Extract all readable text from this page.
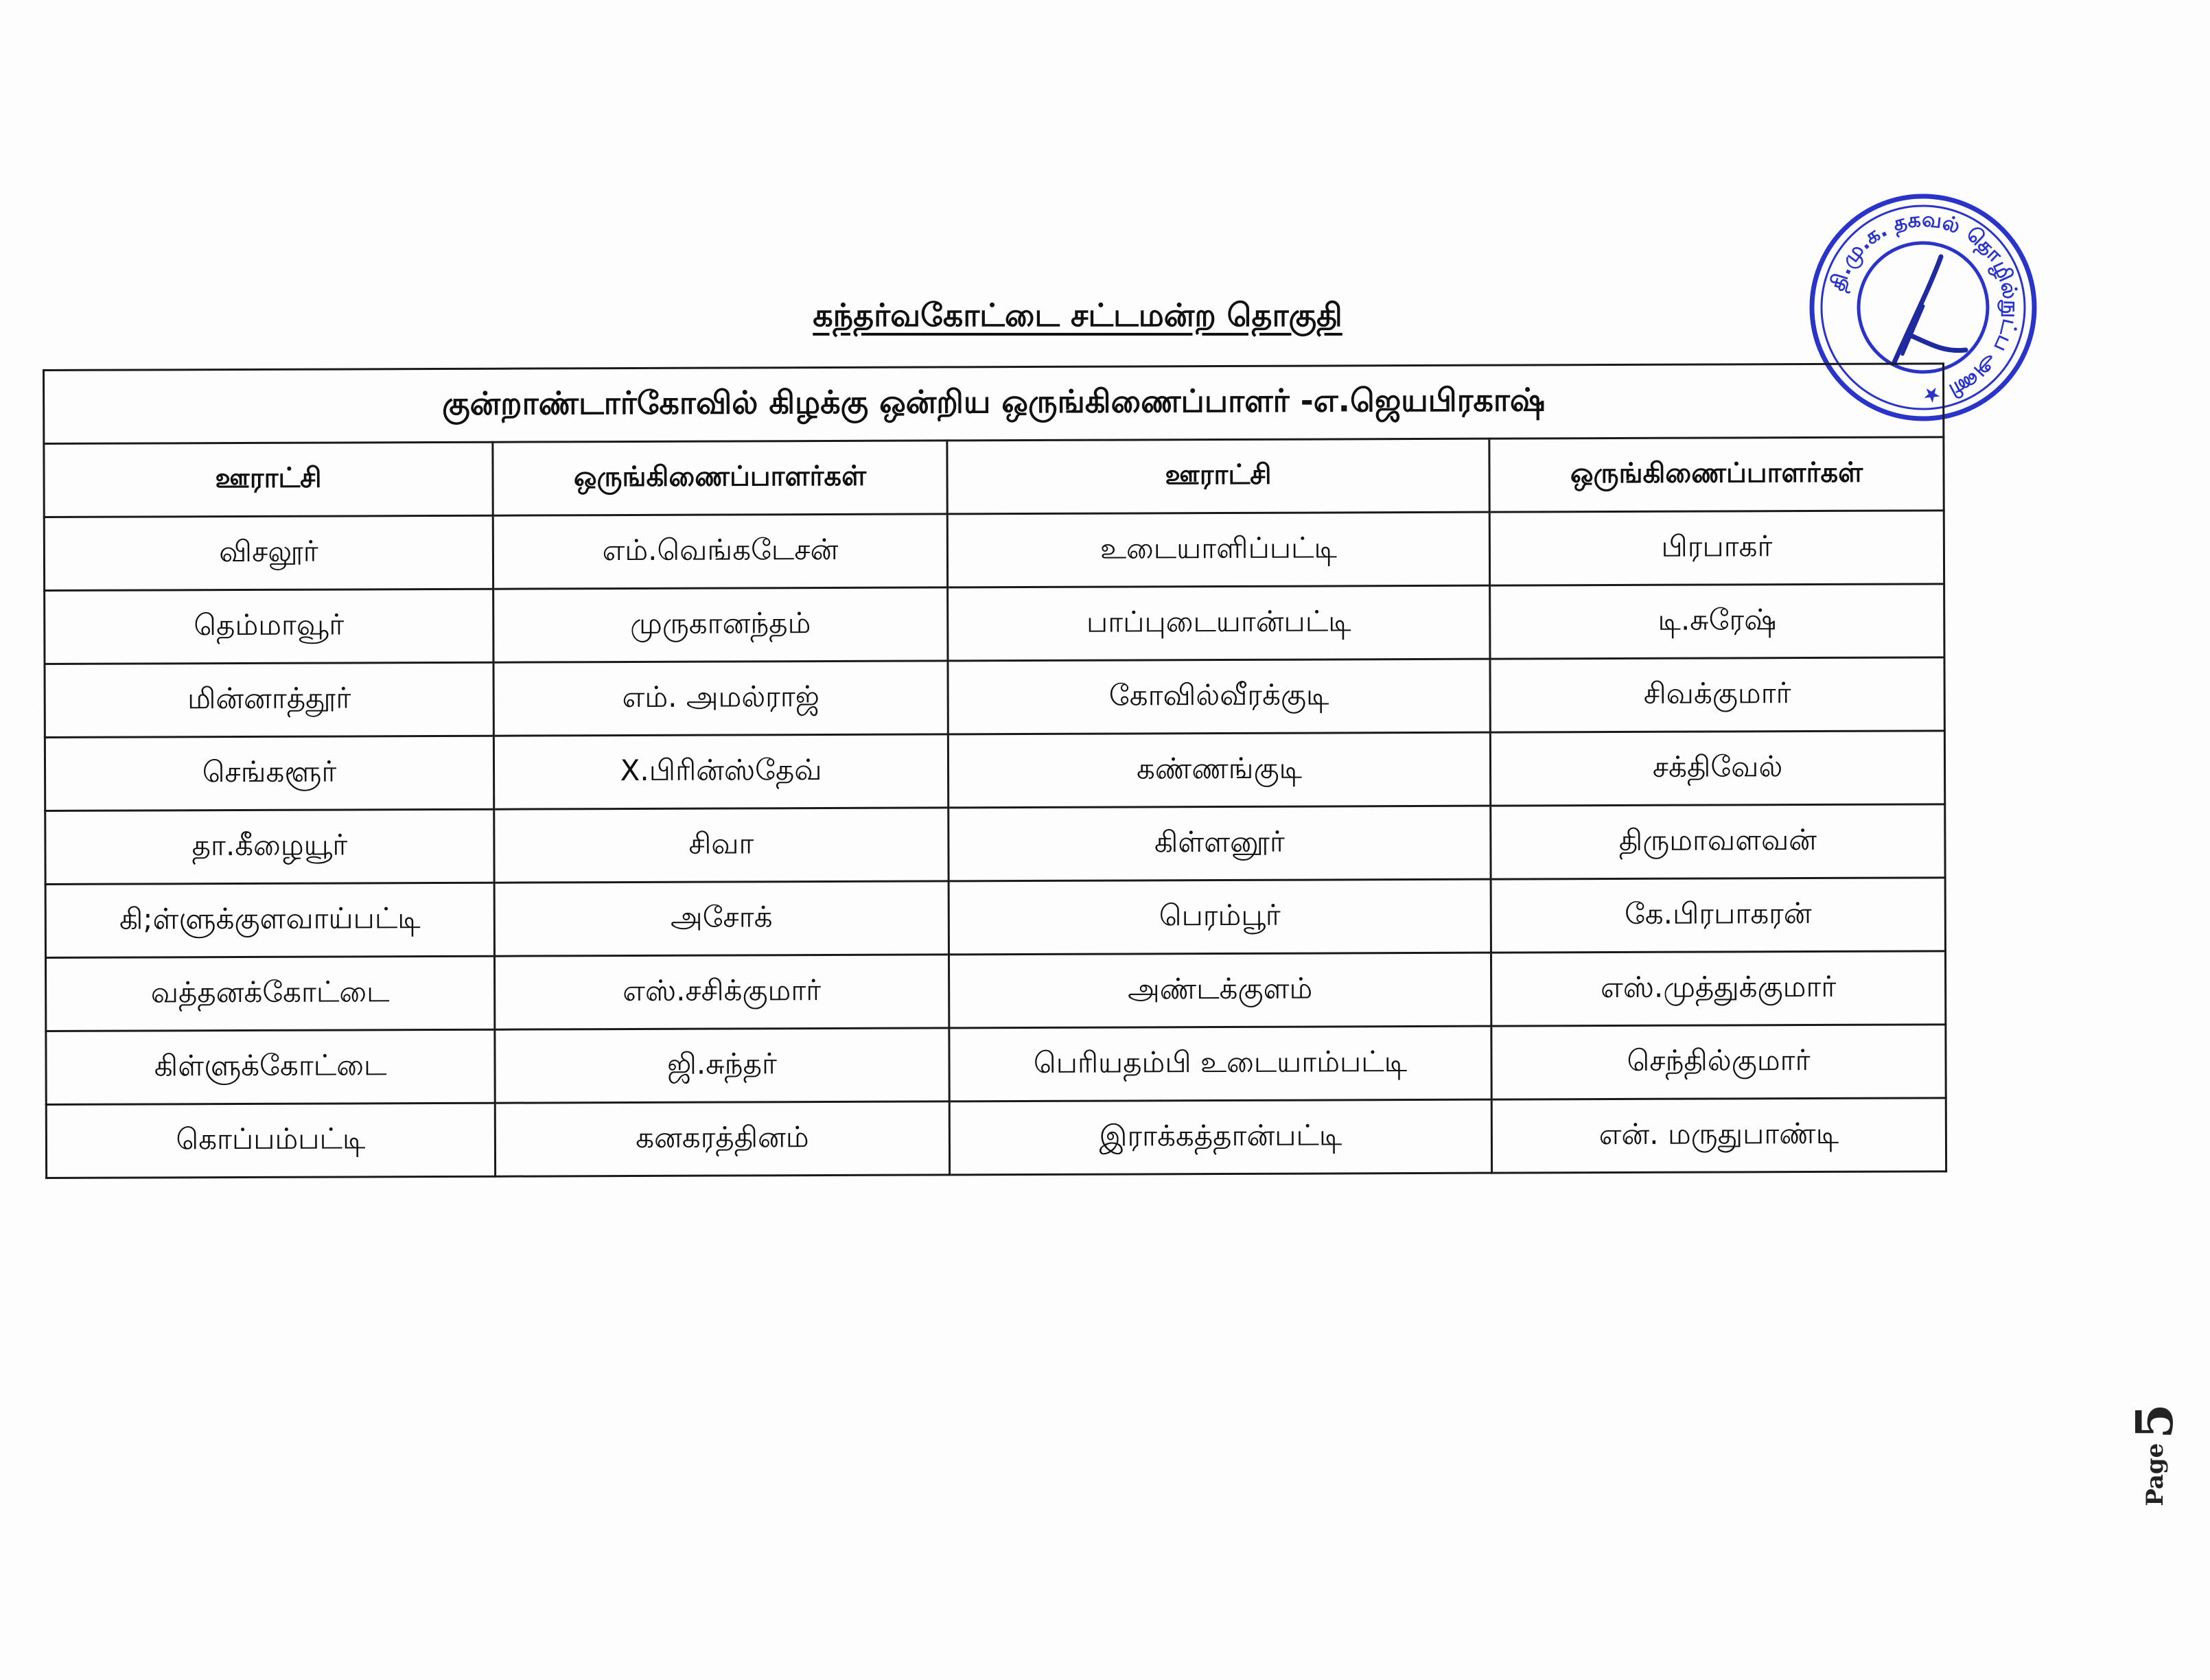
கந்தர்வகோட்டை சட்டமன்ற தொகுதி
தி.மு.க. தகவல் தொழில்நுட்ப அணி ★
குன்றாண்டார்கோவில் கிழக்கு ஒன்றிய ஒருங்கிணைப்பாளர் -எ.ஜெயபிரகாஷ்			
ஊராட்சி	ஒருங்கிணைப்பாளர்கள்	ஊராட்சி	ஒருங்கிணைப்பாளர்கள்
விசலூர்	எம்.வெங்கடேசன்	உடையாளிப்பட்டி	பிரபாகர்
தெம்மாவூர்	முருகானந்தம்	பாப்புடையான்பட்டி	டி.சுரேஷ்
மின்னாத்தூர்	எம். அமல்ராஜ்	கோவில்வீரக்குடி	சிவக்குமார்
செங்களூர்	X.பிரின்ஸ்தேவ்	கண்ணங்குடி	சக்திவேல்
தா.கீழையூர்	சிவா	கிள்ளனூர்	திருமாவளவன்
கி;ள்ளுக்குளவாய்பட்டி	அசோக்	பெரம்பூர்	கே.பிரபாகரன்
வத்தனக்கோட்டை	எஸ்.சசிக்குமார்	அண்டக்குளம்	எஸ்.முத்துக்குமார்
கிள்ளுக்கோட்டை	ஜி.சுந்தர்	பெரியதம்பி உடையாம்பட்டி	செந்தில்குமார்
கொப்பம்பட்டி	கனகரத்தினம்	இராக்கத்தான்பட்டி	என். மருதுபாண்டி
Page
5
